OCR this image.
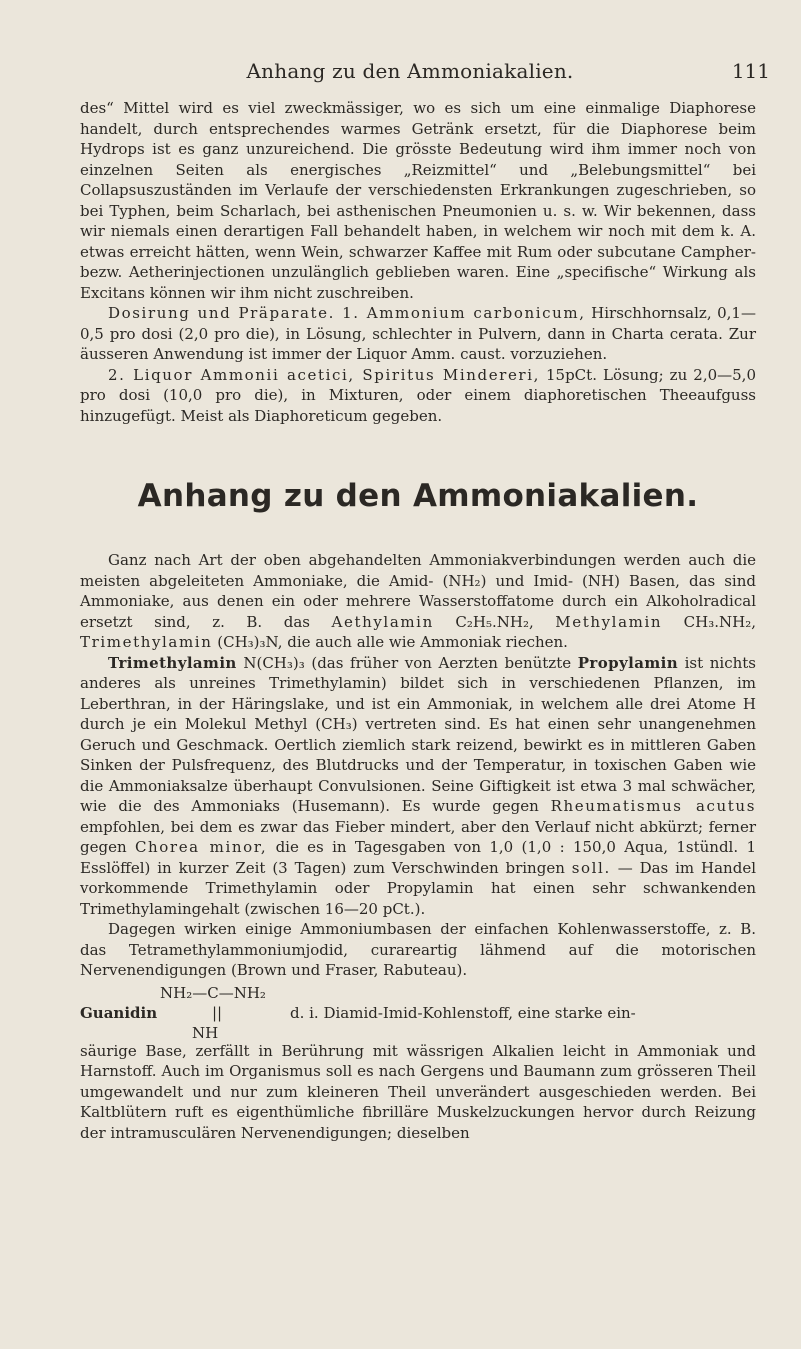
Anhang zu den Ammoniakalien.	111

des“ Mittel wird es viel zweckmässiger, wo es sich um eine einmalige Diaphorese handelt, durch entsprechendes warmes Getränk ersetzt, für die Diaphorese beim Hydrops ist es ganz unzureichend. Die grösste Bedeutung wird ihm immer noch von einzelnen Seiten als energisches „Reizmittel“ und „Belebungsmittel“ bei Collapsuszuständen im Verlaufe der verschiedensten Erkrankungen zugeschrieben, so bei Typhen, beim Scharlach, bei asthenischen Pneumonien u. s. w. Wir bekennen, dass wir niemals einen derartigen Fall behandelt haben, in welchem wir noch mit dem k. A. etwas erreicht hätten, wenn Wein, schwarzer Kaffee mit Rum oder subcutane Campher- bezw. Aetherinjectionen unzulänglich geblieben waren. Eine „specifische“ Wirkung als Excitans können wir ihm nicht zuschreiben.

Dosirung und Präparate. 1. Ammonium carbonicum, Hirschhornsalz, 0,1—0,5 pro dosi (2,0 pro die), in Lösung, schlechter in Pulvern, dann in Charta cerata. Zur äusseren Anwendung ist immer der Liquor Amm. caust. vorzuziehen.

2. Liquor Ammonii acetici, Spiritus Mindereri, 15pCt. Lösung; zu 2,0—5,0 pro dosi (10,0 pro die), in Mixturen, oder einem diaphoretischen Theeaufguss hinzugefügt. Meist als Diaphoreticum gegeben.

Anhang zu den Ammoniakalien.

Ganz nach Art der oben abgehandelten Ammoniakverbindungen werden auch die meisten abgeleiteten Ammoniake, die Amid- (NH₂) und Imid- (NH) Basen, das sind Ammoniake, aus denen ein oder mehrere Wasserstoffatome durch ein Alkoholradical ersetzt sind, z. B. das Aethylamin C₂H₅.NH₂, Methylamin CH₃.NH₂, Trimethylamin (CH₃)₃N, die auch alle wie Ammoniak riechen.

Trimethylamin N(CH₃)₃ (das früher von Aerzten benützte Propylamin ist nichts anderes als unreines Trimethylamin) bildet sich in verschiedenen Pflanzen, im Leberthran, in der Häringslake, und ist ein Ammoniak, in welchem alle drei Atome H durch je ein Molekul Methyl (CH₃) vertreten sind. Es hat einen sehr unangenehmen Geruch und Geschmack. Oertlich ziemlich stark reizend, bewirkt es in mittleren Gaben Sinken der Pulsfrequenz, des Blutdrucks und der Temperatur, in toxischen Gaben wie die Ammoniaksalze überhaupt Convulsionen. Seine Giftigkeit ist etwa 3 mal schwächer, wie die des Ammoniaks (Husemann). Es wurde gegen Rheumatismus acutus empfohlen, bei dem es zwar das Fieber mindert, aber den Verlauf nicht abkürzt; ferner gegen Chorea minor, die es in Tagesgaben von 1,0 (1,0 : 150,0 Aqua, 1stündl. 1 Esslöffel) in kurzer Zeit (3 Tagen) zum Verschwinden bringen soll. — Das im Handel vorkommende Trimethylamin oder Propylamin hat einen sehr schwankenden Trimethylamingehalt (zwischen 16—20 pCt.).

Dagegen wirken einige Ammoniumbasen der einfachen Kohlenwasserstoffe, z. B. das Tetramethylammoniumjodid, curareartig lähmend auf die motorischen Nervenendigungen (Brown und Fraser, Rabuteau).

NH₂—C—NH₂
Guanidin	||	d. i. Diamid-Imid-Kohlenstoff, eine starke ein-
NH

säurige Base, zerfällt in Berührung mit wässrigen Alkalien leicht in Ammoniak und Harnstoff. Auch im Organismus soll es nach Gergens und Baumann zum grösseren Theil umgewandelt und nur zum kleineren Theil unverändert ausgeschieden werden. Bei Kaltblütern ruft es eigenthümliche fibrilläre Muskelzuckungen hervor durch Reizung der intramusculären Nervenendigungen; dieselben
